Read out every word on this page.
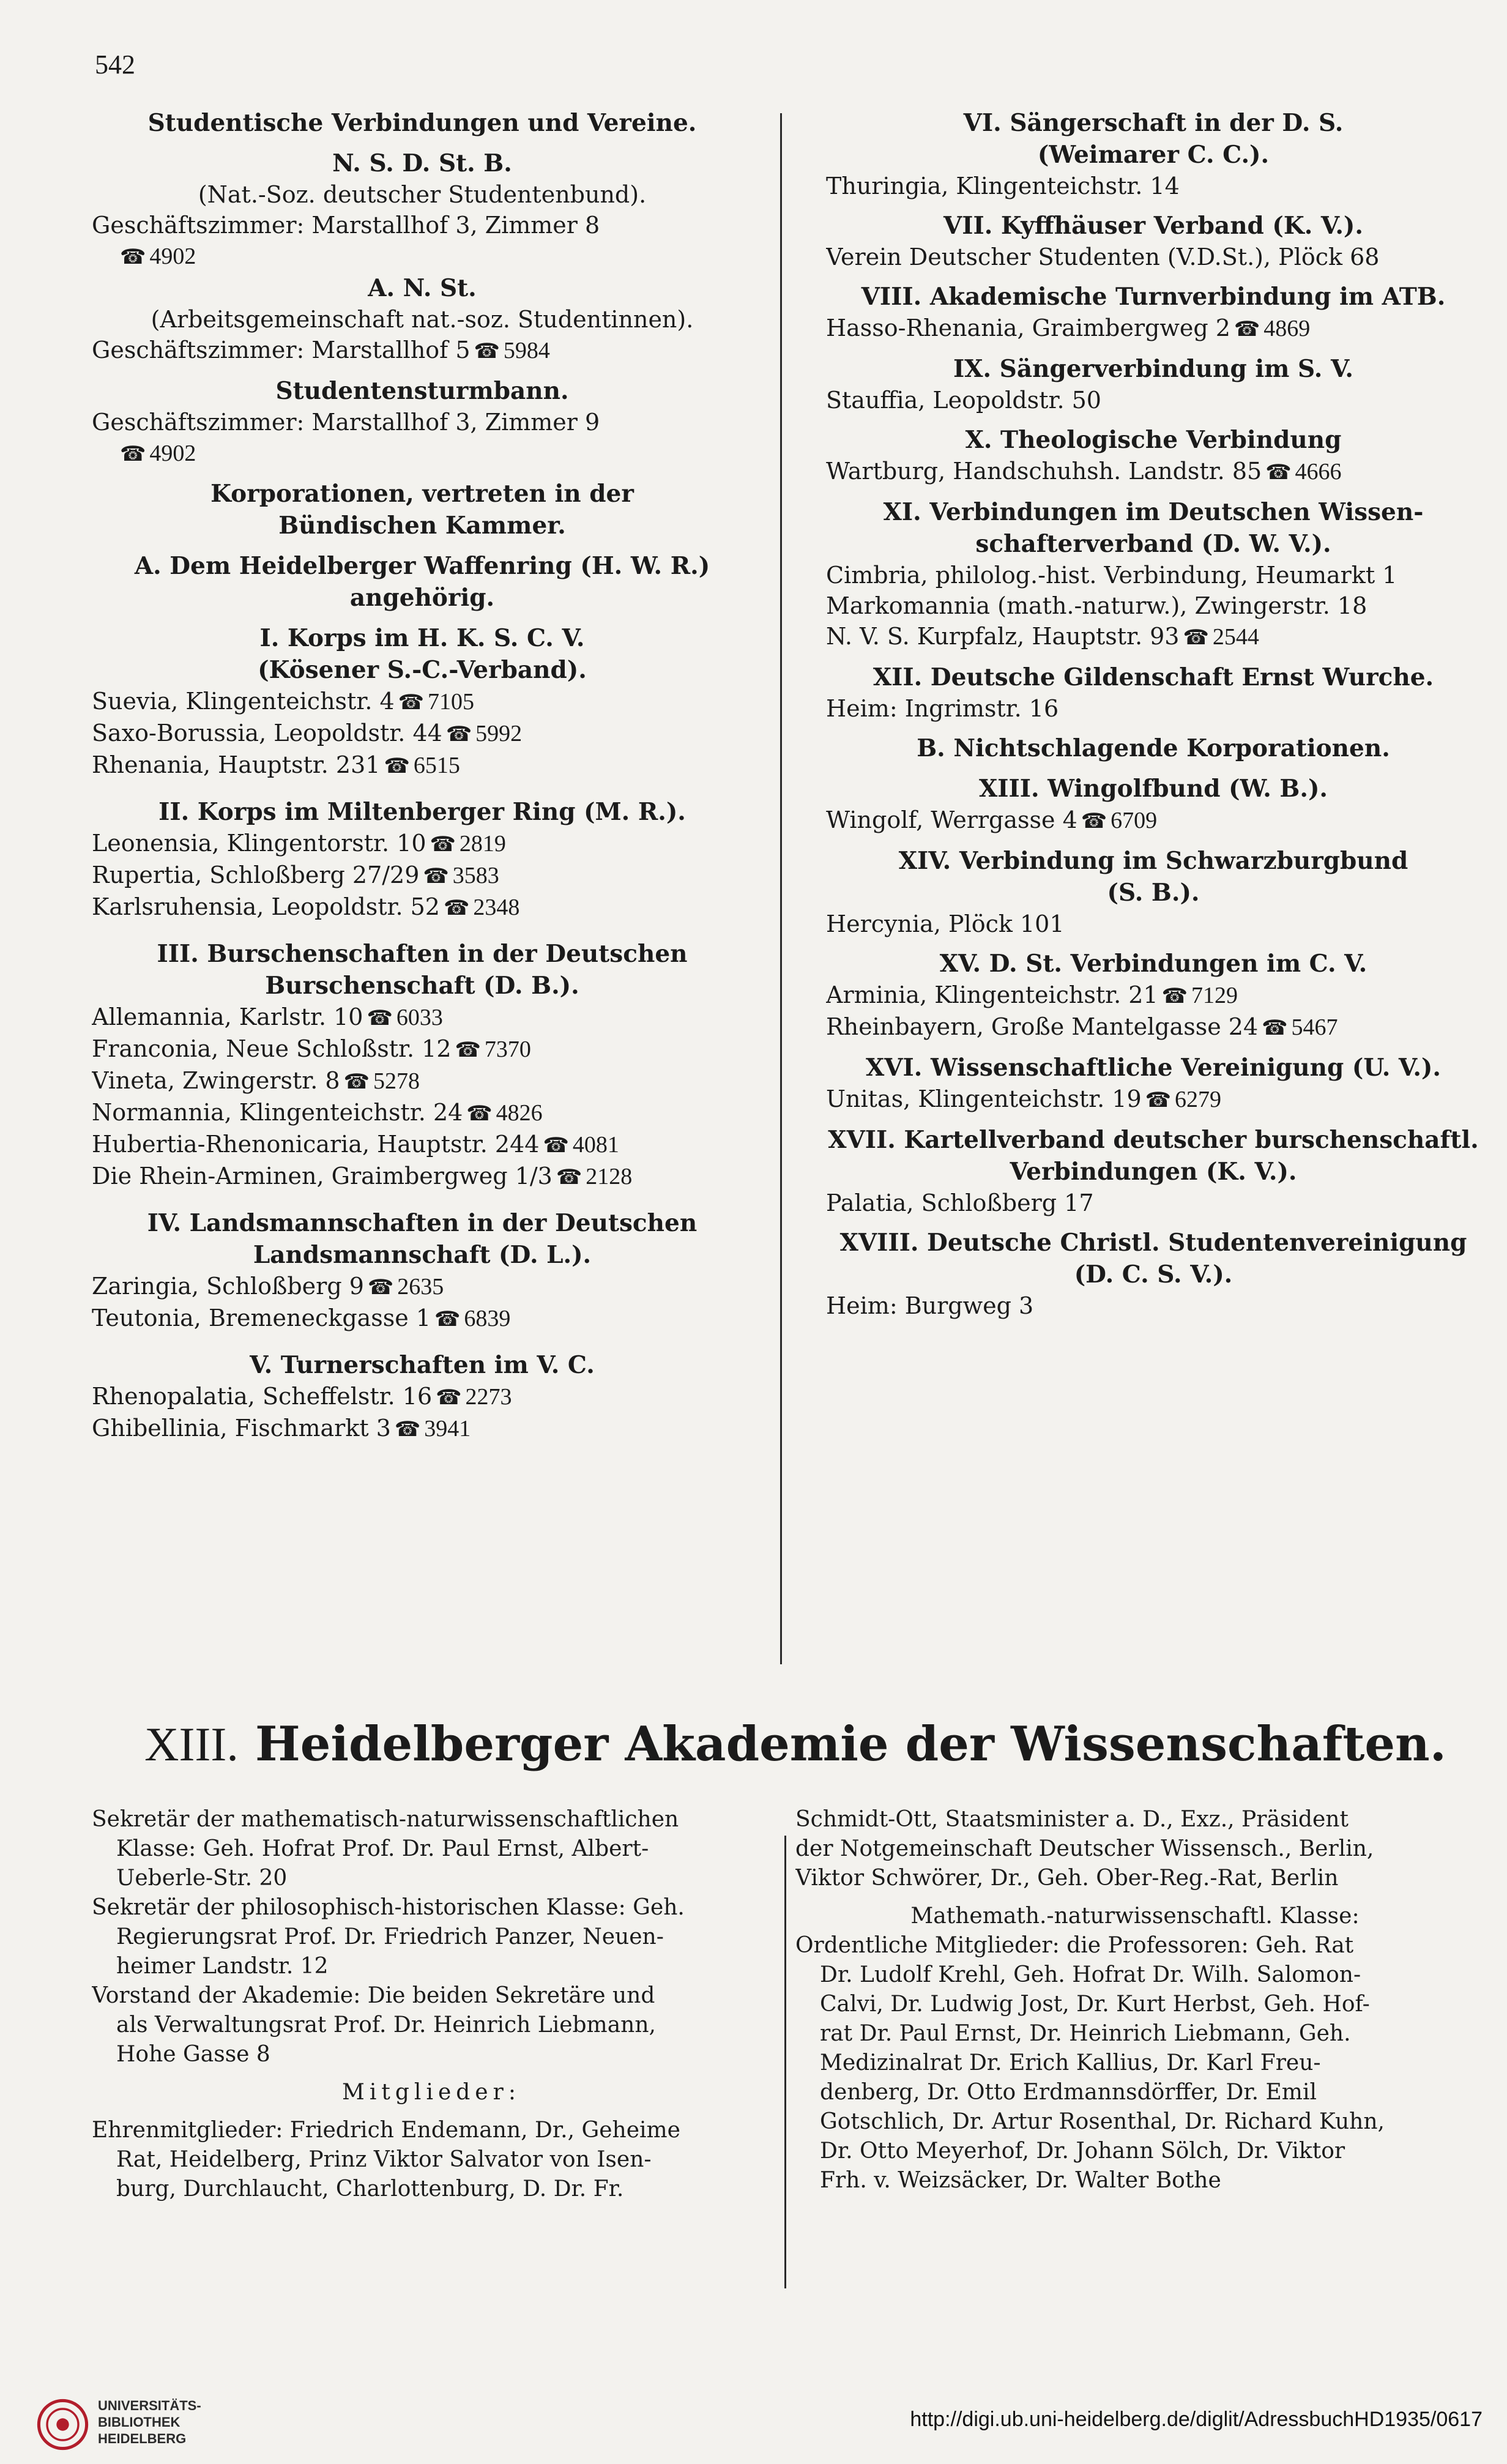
542
Studentische Verbindungen und Vereine.
N. S. D. St. B.
(Nat.-Soz. deutscher Studentenbund).
Geschäftszimmer: Marstallhof 3, Zimmer 8
☎ 4902
A. N. St.
(Arbeitsgemeinschaft nat.-soz. Studentinnen).
Geschäftszimmer: Marstallhof 5 ☎ 5984
Studentensturmbann.
Geschäftszimmer: Marstallhof 3, Zimmer 9
☎ 4902
Korporationen, vertreten in der
Bündischen Kammer.
A. Dem Heidelberger Waffenring (H. W. R.)
angehörig.
I. Korps im H. K. S. C. V.
(Kösener S.-C.-Verband).
Suevia, Klingenteichstr. 4 ☎ 7105
Saxo-Borussia, Leopoldstr. 44 ☎ 5992
Rhenania, Hauptstr. 231 ☎ 6515
II. Korps im Miltenberger Ring (M. R.).
Leonensia, Klingentorstr. 10 ☎ 2819
Rupertia, Schloßberg 27/29 ☎ 3583
Karlsruhensia, Leopoldstr. 52 ☎ 2348
III. Burschenschaften in der Deutschen
Burschenschaft (D. B.).
Allemannia, Karlstr. 10 ☎ 6033
Franconia, Neue Schloßstr. 12 ☎ 7370
Vineta, Zwingerstr. 8 ☎ 5278
Normannia, Klingenteichstr. 24 ☎ 4826
Hubertia-Rhenonicaria, Hauptstr. 244 ☎ 4081
Die Rhein-Arminen, Graimbergweg 1/3 ☎ 2128
IV. Landsmannschaften in der Deutschen
Landsmannschaft (D. L.).
Zaringia, Schloßberg 9 ☎ 2635
Teutonia, Bremeneckgasse 1 ☎ 6839
V. Turnerschaften im V. C.
Rhenopalatia, Scheffelstr. 16 ☎ 2273
Ghibellinia, Fischmarkt 3 ☎ 3941
VI. Sängerschaft in der D. S.
(Weimarer C. C.).
Thuringia, Klingenteichstr. 14
VII. Kyffhäuser Verband (K. V.).
Verein Deutscher Studenten (V.D.St.), Plöck 68
VIII. Akademische Turnverbindung im ATB.
Hasso-Rhenania, Graimbergweg 2 ☎ 4869
IX. Sängerverbindung im S. V.
Stauffia, Leopoldstr. 50
X. Theologische Verbindung
Wartburg, Handschuhsh. Landstr. 85 ☎ 4666
XI. Verbindungen im Deutschen Wissen-
schafterverband (D. W. V.).
Cimbria, philolog.-hist. Verbindung, Heumarkt 1
Markomannia (math.-naturw.), Zwingerstr. 18
N. V. S. Kurpfalz, Hauptstr. 93 ☎ 2544
XII. Deutsche Gildenschaft Ernst Wurche.
Heim: Ingrimstr. 16
B. Nichtschlagende Korporationen.
XIII. Wingolfbund (W. B.).
Wingolf, Werrgasse 4 ☎ 6709
XIV. Verbindung im Schwarzburgbund
(S. B.).
Hercynia, Plöck 101
XV. D. St. Verbindungen im C. V.
Arminia, Klingenteichstr. 21 ☎ 7129
Rheinbayern, Große Mantelgasse 24 ☎ 5467
XVI. Wissenschaftliche Vereinigung (U. V.).
Unitas, Klingenteichstr. 19 ☎ 6279
XVII. Kartellverband deutscher burschenschaftl.
Verbindungen (K. V.).
Palatia, Schloßberg 17
XVIII. Deutsche Christl. Studentenvereinigung
(D. C. S. V.).
Heim: Burgweg 3
XIII. Heidelberger Akademie der Wissenschaften.
Sekretär der mathematisch-naturwissenschaftlichen
Klasse: Geh. Hofrat Prof. Dr. Paul Ernst, Albert-
Ueberle-Str. 20
Sekretär der philosophisch-historischen Klasse: Geh.
Regierungsrat Prof. Dr. Friedrich Panzer, Neuen-
heimer Landstr. 12
Vorstand der Akademie: Die beiden Sekretäre und
als Verwaltungsrat Prof. Dr. Heinrich Liebmann,
Hohe Gasse 8
Mitglieder:
Ehrenmitglieder: Friedrich Endemann, Dr., Geheime
Rat, Heidelberg, Prinz Viktor Salvator von Isen-
burg, Durchlaucht, Charlottenburg, D. Dr. Fr.
Schmidt-Ott, Staatsminister a. D., Exz., Präsident
der Notgemeinschaft Deutscher Wissensch., Berlin,
Viktor Schwörer, Dr., Geh. Ober-Reg.-Rat, Berlin
Mathemath.-naturwissenschaftl. Klasse:
Ordentliche Mitglieder: die Professoren: Geh. Rat
Dr. Ludolf Krehl, Geh. Hofrat Dr. Wilh. Salomon-
Calvi, Dr. Ludwig Jost, Dr. Kurt Herbst, Geh. Hof-
rat Dr. Paul Ernst, Dr. Heinrich Liebmann, Geh.
Medizinalrat Dr. Erich Kallius, Dr. Karl Freu-
denberg, Dr. Otto Erdmannsdörffer, Dr. Emil
Gotschlich, Dr. Artur Rosenthal, Dr. Richard Kuhn,
Dr. Otto Meyerhof, Dr. Johann Sölch, Dr. Viktor
Frh. v. Weizsäcker, Dr. Walter Bothe
UNIVERSITÄTS-
BIBLIOTHEK
HEIDELBERG
http://digi.ub.uni-heidelberg.de/diglit/AdressbuchHD1935/0617
